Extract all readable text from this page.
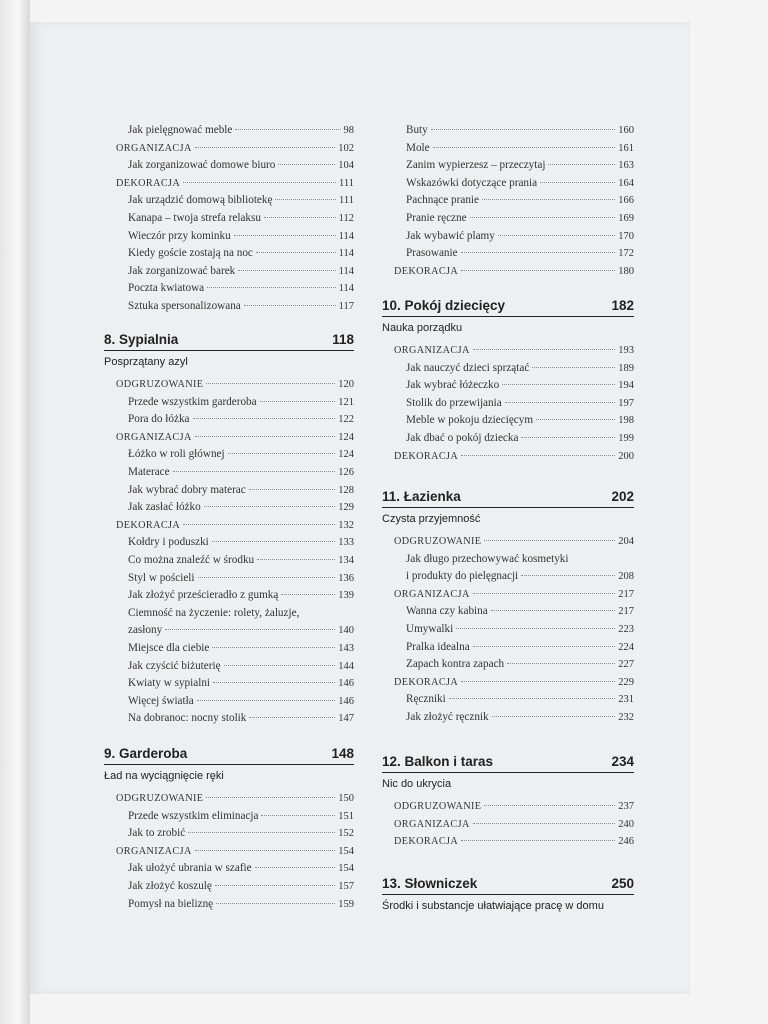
Jak pielęgnować meble	98
ORGANIZACJA	102
Jak zorganizować domowe biuro	104
DEKORACJA	111
Jak urządzić domową bibliotekę	111
Kanapa – twoja strefa relaksu	112
Wieczór przy kominku	114
Kiedy goście zostają na noc	114
Jak zorganizować barek	114
Poczta kwiatowa	114
Sztuka spersonalizowana	117
8. Sypialnia	118
Posprzątany azyl
ODGRUZOWANIE	120
Przede wszystkim garderoba	121
Pora do łóżka	122
ORGANIZACJA	124
Łóżko w roli głównej	124
Materace	126
Jak wybrać dobry materac	128
Jak zasłać łóżko	129
DEKORACJA	132
Kołdry i poduszki	133
Co można znaleźć w środku	134
Styl w pościeli	136
Jak złożyć prześcieradło z gumką	139
Ciemność na życzenie: rolety, żaluzje,
zasłony	140
Miejsce dla ciebie	143
Jak czyścić biżuterię	144
Kwiaty w sypialni	146
Więcej światła	146
Na dobranoc: nocny stolik	147
9. Garderoba	148
Ład na wyciągnięcie ręki
ODGRUZOWANIE	150
Przede wszystkim eliminacja	151
Jak to zrobić	152
ORGANIZACJA	154
Jak ułożyć ubrania w szafie	154
Jak złożyć koszulę	157
Pomysł na bieliznę	159
Buty	160
Mole	161
Zanim wypierzesz – przeczytaj	163
Wskazówki dotyczące prania	164
Pachnące pranie	166
Pranie ręczne	169
Jak wybawić plamy	170
Prasowanie	172
DEKORACJA	180
10. Pokój dziecięcy	182
Nauka porządku
ORGANIZACJA	193
Jak nauczyć dzieci sprzątać	189
Jak wybrać łóżeczko	194
Stolik do przewijania	197
Meble w pokoju dziecięcym	198
Jak dbać o pokój dziecka	199
DEKORACJA	200
11. Łazienka	202
Czysta przyjemność
ODGRUZOWANIE	204
Jak długo przechowywać kosmetyki
i produkty do pielęgnacji	208
ORGANIZACJA	217
Wanna czy kabina	217
Umywalki	223
Pralka idealna	224
Zapach kontra zapach	227
DEKORACJA	229
Ręczniki	231
Jak złożyć ręcznik	232
12. Balkon i taras	234
Nic do ukrycia
ODGRUZOWANIE	237
ORGANIZACJA	240
DEKORACJA	246
13. Słowniczek	250
Środki i substancje ułatwiające pracę w domu
